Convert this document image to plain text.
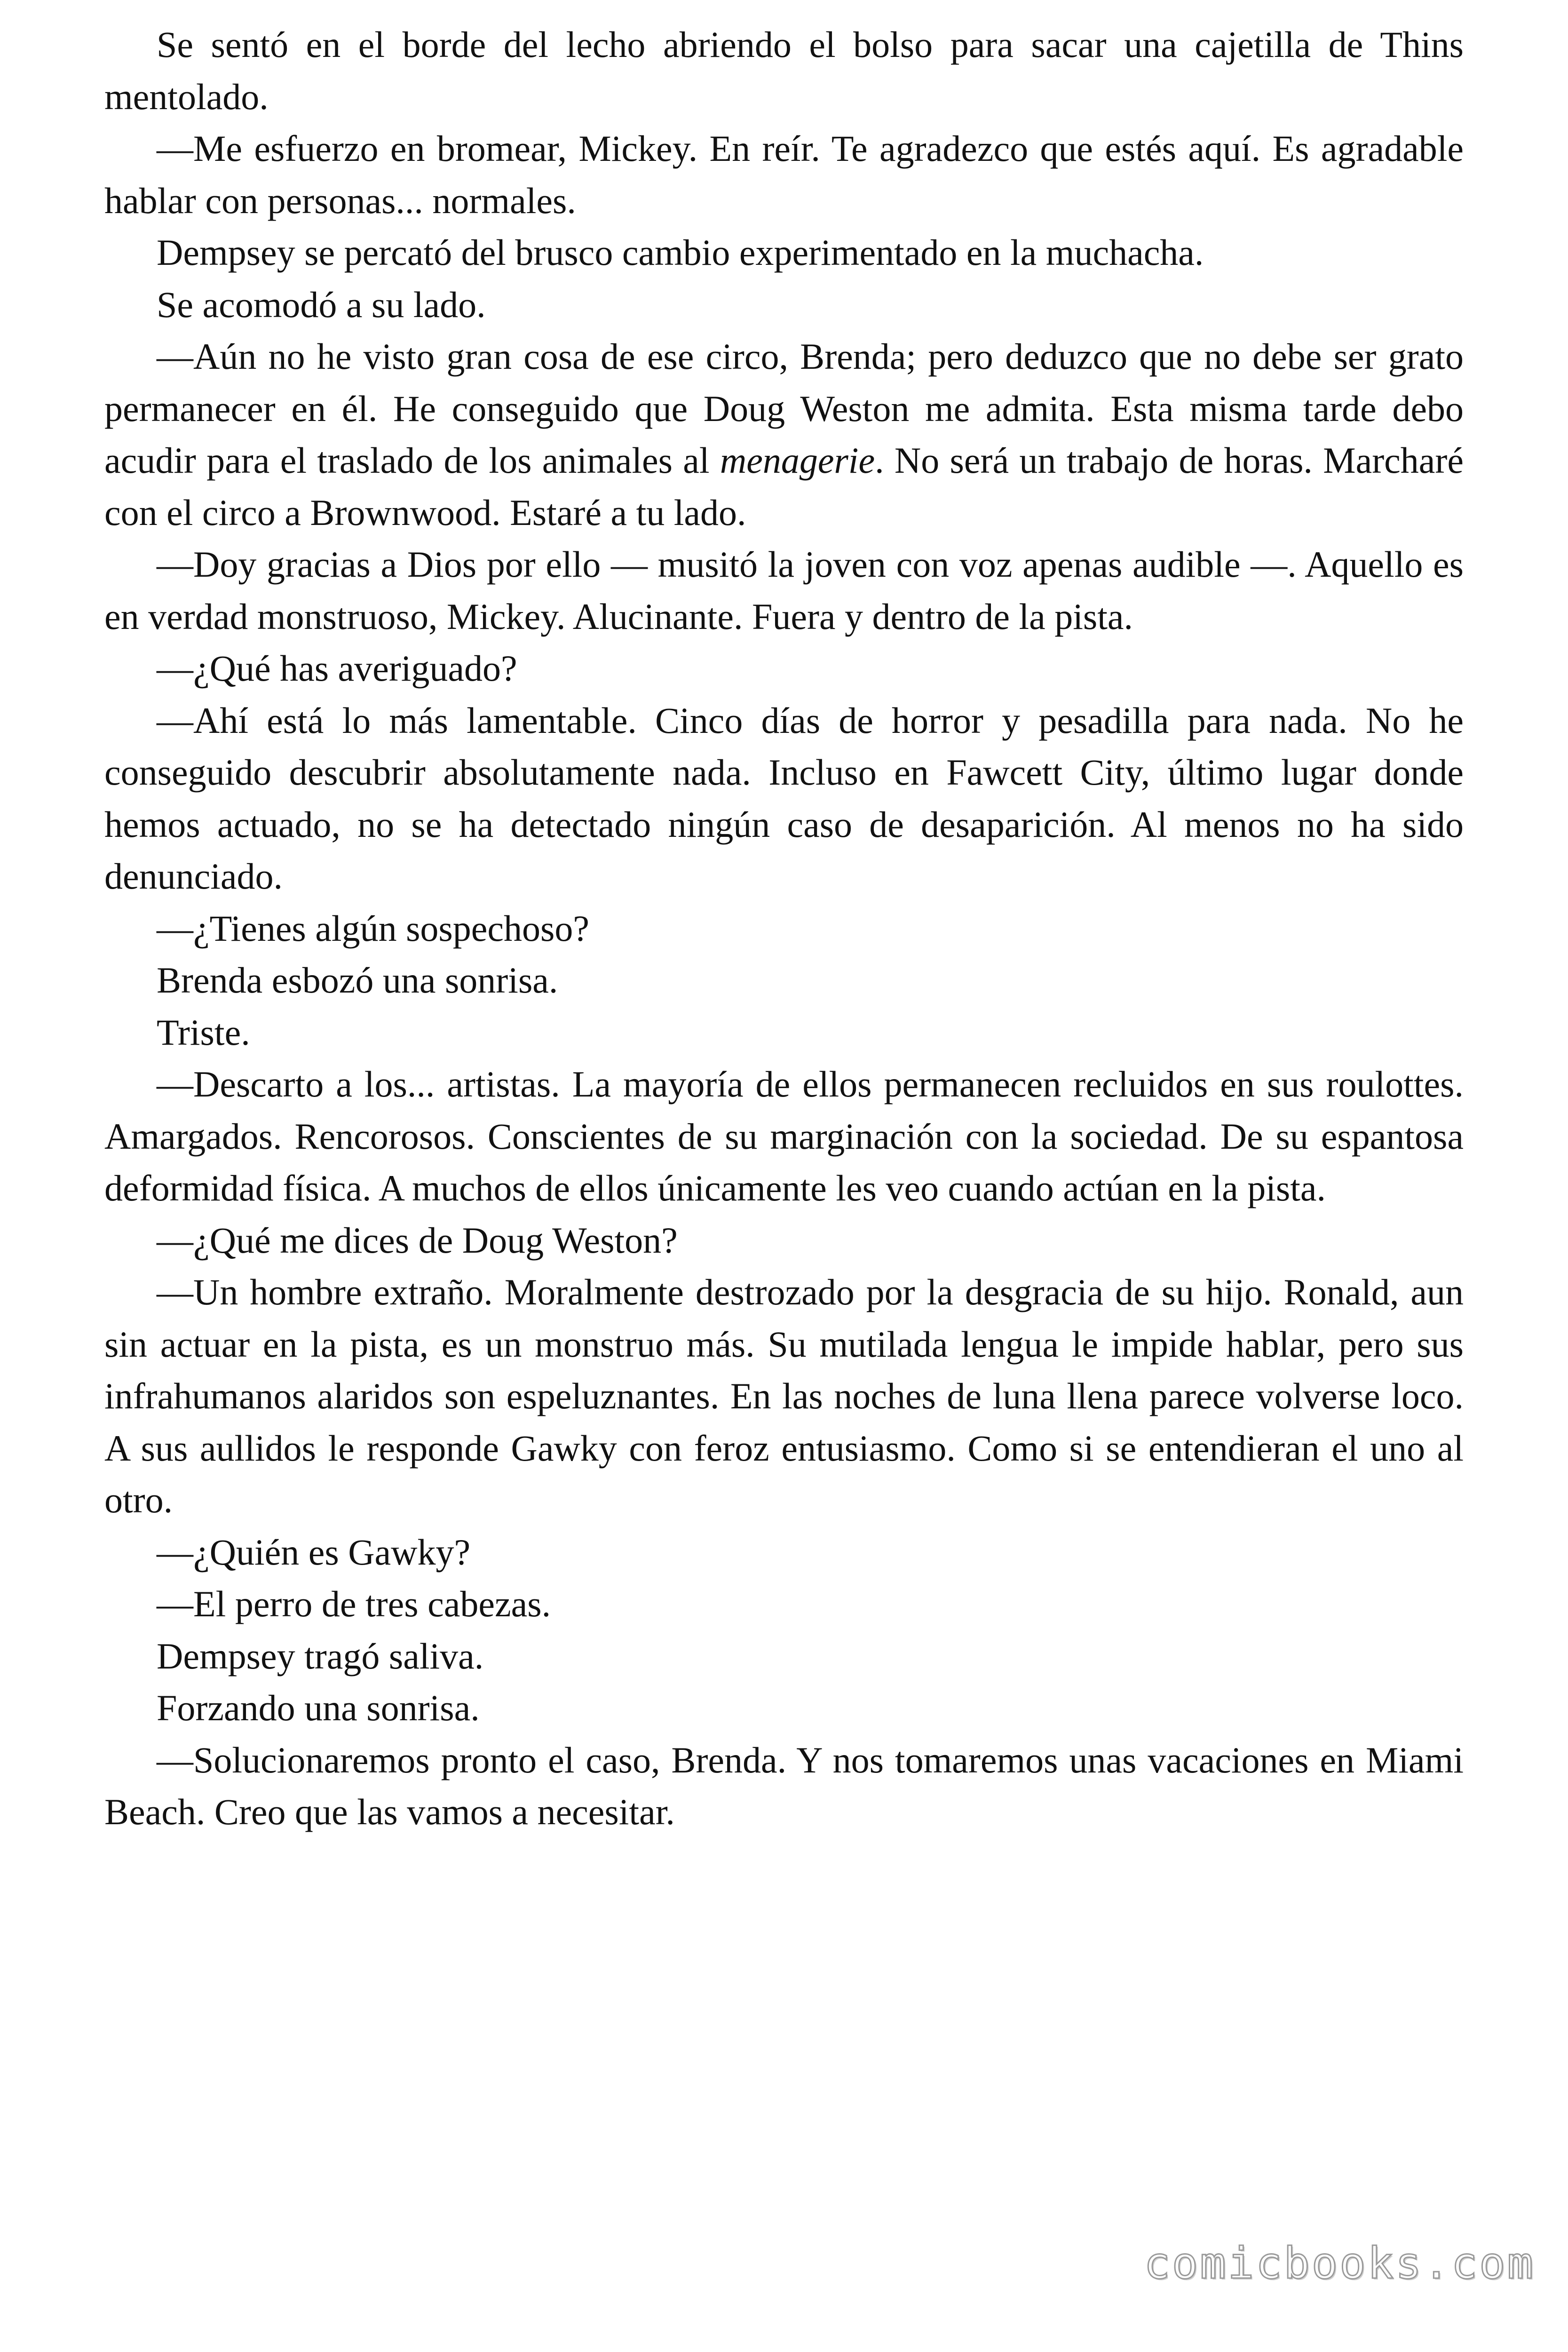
Se sentó en el borde del lecho abriendo el bolso para sacar una cajetilla de Thins mentolado.

—Me esfuerzo en bromear, Mickey. En reír. Te agradezco que estés aquí. Es agradable hablar con personas... normales.

Dempsey se percató del brusco cambio experimentado en la muchacha.

Se acomodó a su lado.

—Aún no he visto gran cosa de ese circo, Brenda; pero deduzco que no debe ser grato permanecer en él. He conseguido que Doug Weston me admita. Esta misma tarde debo acudir para el traslado de los animales al menagerie. No será un trabajo de horas. Marcharé con el circo a Brownwood. Estaré a tu lado.

—Doy gracias a Dios por ello — musitó la joven con voz apenas audible —. Aquello es en verdad monstruoso, Mickey. Alucinante. Fuera y dentro de la pista.

—¿Qué has averiguado?

—Ahí está lo más lamentable. Cinco días de horror y pesadilla para nada. No he conseguido descubrir absolutamente nada. Incluso en Fawcett City, último lugar donde hemos actuado, no se ha detectado ningún caso de desaparición. Al menos no ha sido denunciado.

—¿Tienes algún sospechoso?

Brenda esbozó una sonrisa.

Triste.

—Descarto a los... artistas. La mayoría de ellos permanecen recluidos en sus roulottes. Amargados. Rencorosos. Conscientes de su marginación con la sociedad. De su espantosa deformidad física. A muchos de ellos únicamente les veo cuando actúan en la pista.

—¿Qué me dices de Doug Weston?

—Un hombre extraño. Moralmente destrozado por la desgracia de su hijo. Ronald, aun sin actuar en la pista, es un monstruo más. Su mutilada lengua le impide hablar, pero sus infrahumanos alaridos son espeluznantes. En las noches de luna llena parece volverse loco. A sus aullidos le responde Gawky con feroz entusiasmo. Como si se entendieran el uno al otro.

—¿Quién es Gawky?

—El perro de tres cabezas.

Dempsey tragó saliva.

Forzando una sonrisa.

—Solucionaremos pronto el caso, Brenda. Y nos tomaremos unas vacaciones en Miami Beach. Creo que las vamos a necesitar.

comicbooks.com
